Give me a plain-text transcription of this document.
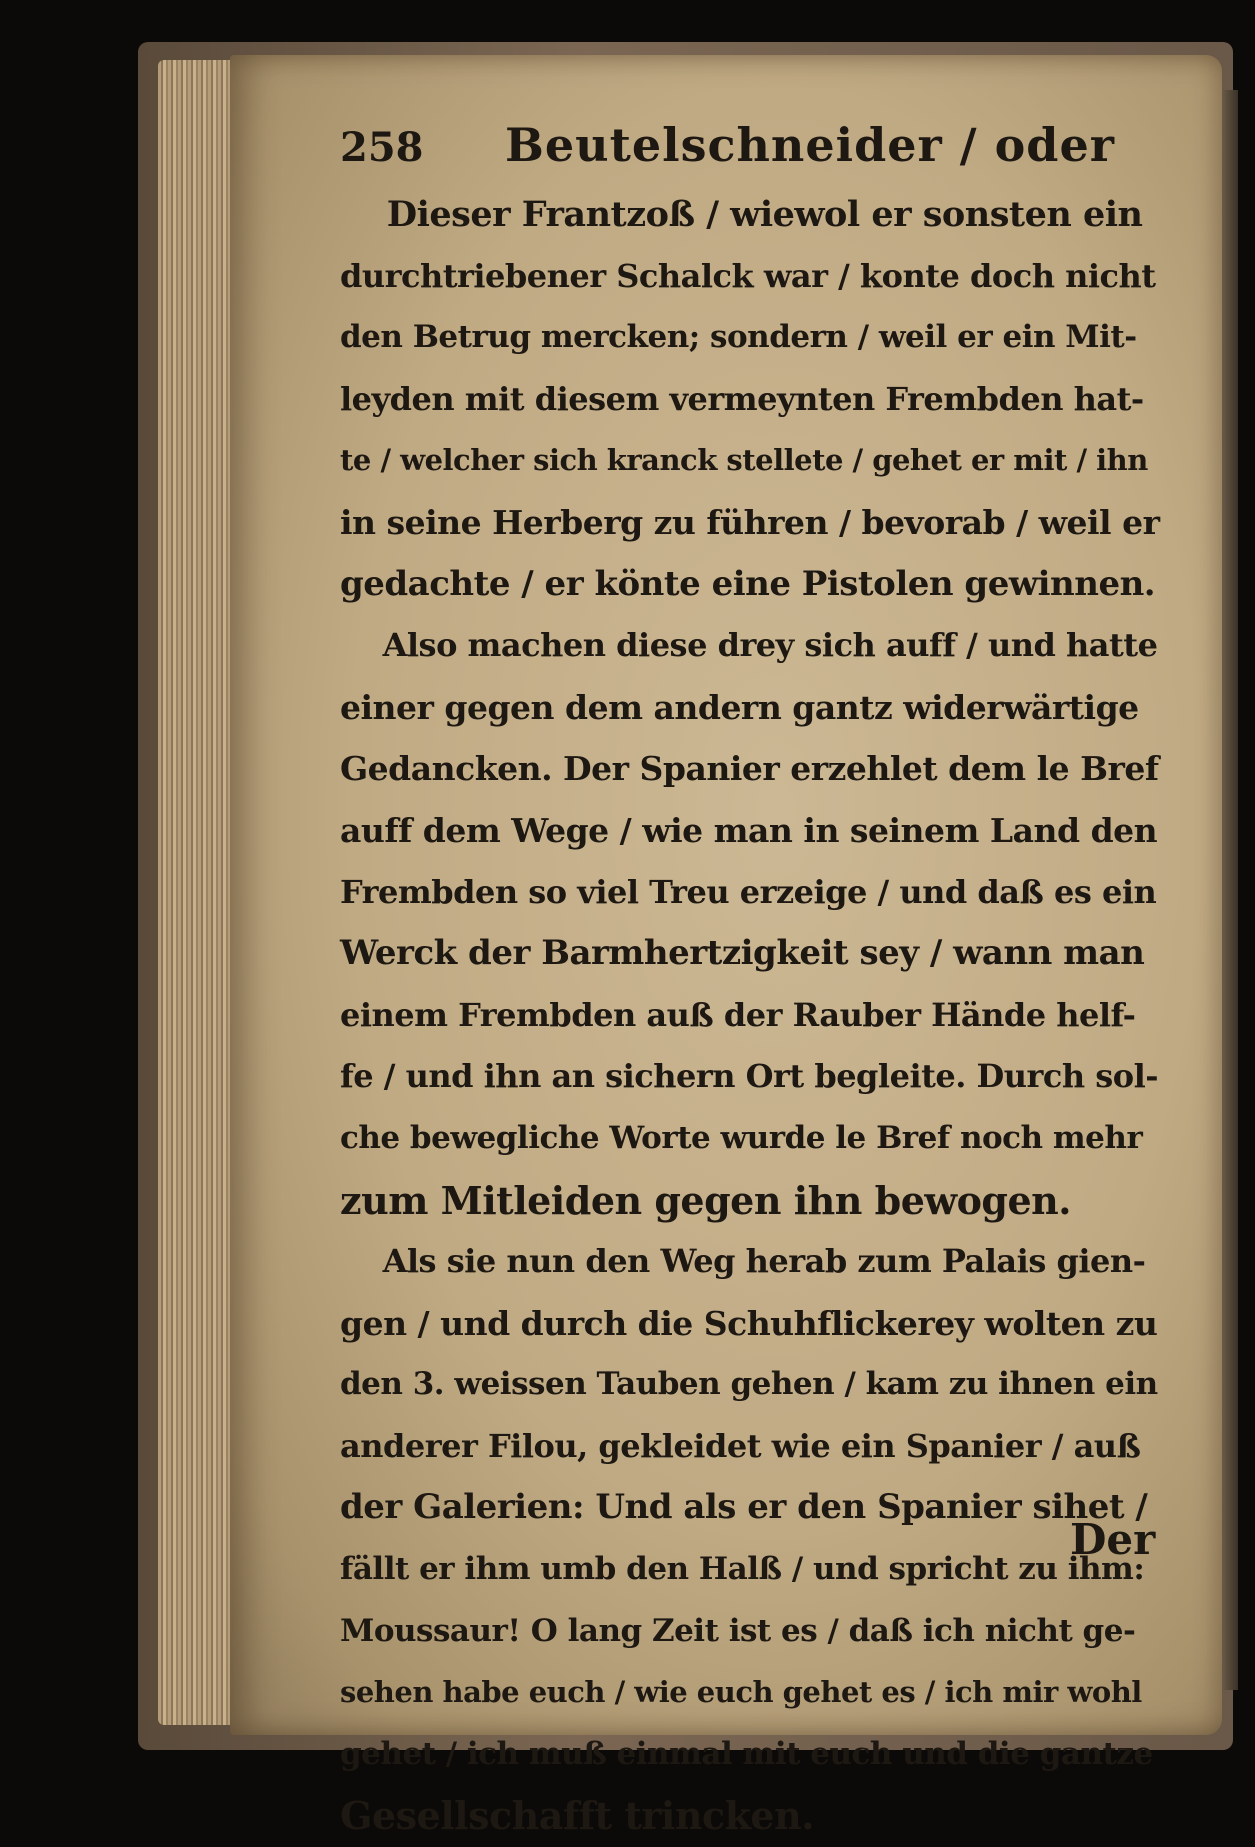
258	Beutelschneider / oder
Dieser Frantzoß / wiewol er sonsten ein
durchtriebener Schalck war / konte doch nicht
den Betrug mercken; sondern / weil er ein Mit-
leyden mit diesem vermeynten Frembden hat-
te / welcher sich kranck stellete / gehet er mit / ihn
in seine Herberg zu führen / bevorab / weil er
gedachte / er könte eine Pistolen gewinnen.
Also machen diese drey sich auff / und hatte
einer gegen dem andern gantz widerwärtige
Gedancken. Der Spanier erzehlet dem le Bref
auff dem Wege / wie man in seinem Land den
Frembden so viel Treu erzeige / und daß es ein
Werck der Barmhertzigkeit sey / wann man
einem Frembden auß der Rauber Hände helf-
fe / und ihn an sichern Ort begleite. Durch sol-
che bewegliche Worte wurde le Bref noch mehr
zum Mitleiden gegen ihn bewogen.
Als sie nun den Weg herab zum Palais gien-
gen / und durch die Schuhflickerey wolten zu
den 3. weissen Tauben gehen / kam zu ihnen ein
anderer Filou, gekleidet wie ein Spanier / auß
der Galerien: Und als er den Spanier sihet /
fällt er ihm umb den Halß / und spricht zu ihm:
Moussaur! O lang Zeit ist es / daß ich nicht ge-
sehen habe euch / wie euch gehet es / ich mir wohl
gehet / ich muß einmal mit euch und die gantze
Gesellschafft trincken.
Der
